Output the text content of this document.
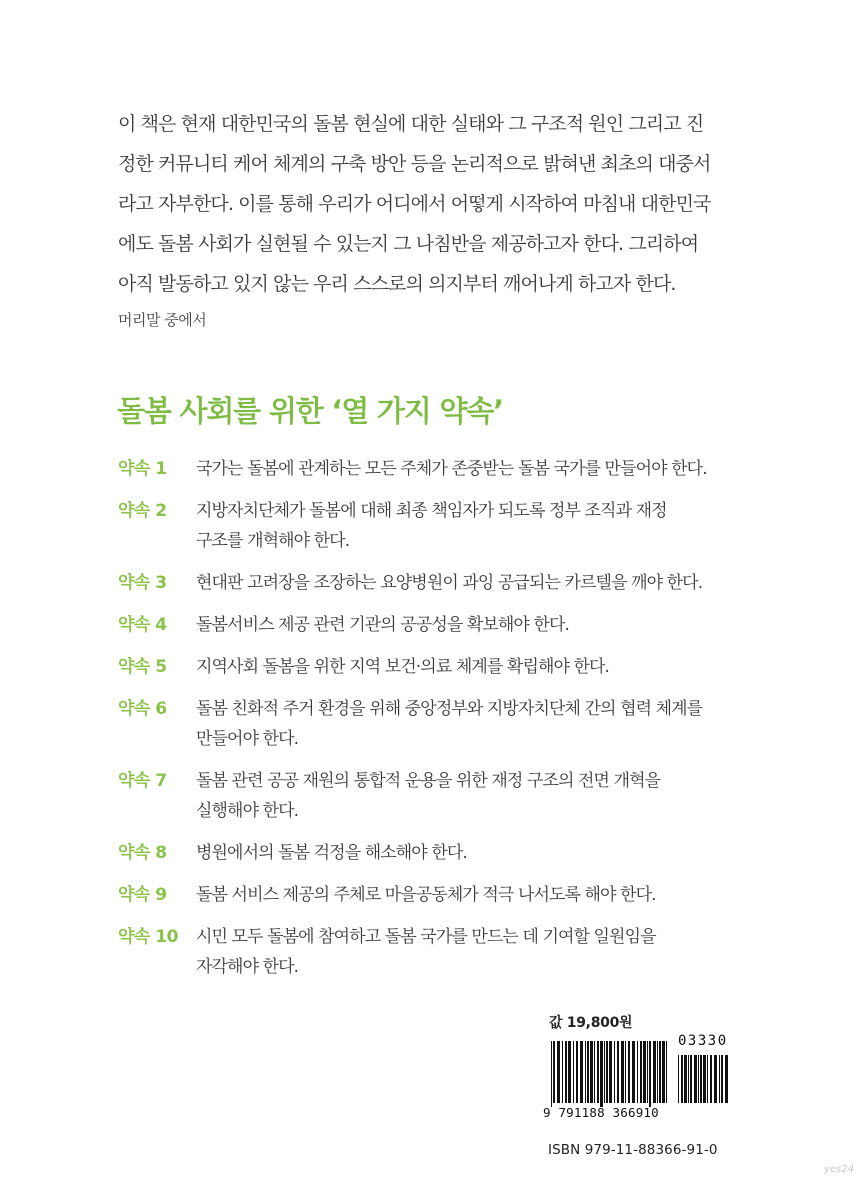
이 책은 현재 대한민국의 돌봄 현실에 대한 실태와 그 구조적 원인 그리고 진
정한 커뮤니티 케어 체계의 구축 방안 등을 논리적으로 밝혀낸 최초의 대중서
라고 자부한다. 이를 통해 우리가 어디에서 어떻게 시작하여 마침내 대한민국
에도 돌봄 사회가 실현될 수 있는지 그 나침반을 제공하고자 한다. 그리하여
아직 발동하고 있지 않는 우리 스스로의 의지부터 깨어나게 하고자 한다.
머리말 중에서
돌봄 사회를 위한 ‘열 가지 약속’
약속 1	국가는 돌봄에 관계하는 모든 주체가 존중받는 돌봄 국가를 만들어야 한다.
약속 2	지방자치단체가 돌봄에 대해 최종 책임자가 되도록 정부 조직과 재정
구조를 개혁해야 한다.
약속 3	현대판 고려장을 조장하는 요양병원이 과잉 공급되는 카르텔을 깨야 한다.
약속 4	돌봄서비스 제공 관련 기관의 공공성을 확보해야 한다.
약속 5	지역사회 돌봄을 위한 지역 보건·의료 체계를 확립해야 한다.
약속 6	돌봄 친화적 주거 환경을 위해 중앙정부와 지방자치단체 간의 협력 체계를
만들어야 한다.
약속 7	돌봄 관련 공공 재원의 통합적 운용을 위한 재정 구조의 전면 개혁을
실행해야 한다.
약속 8	병원에서의 돌봄 걱정을 해소해야 한다.
약속 9	돌봄 서비스 제공의 주체로 마을공동체가 적극 나서도록 해야 한다.
약속 10	시민 모두 돌봄에 참여하고 돌봄 국가를 만드는 데 기여할 일원임을
자각해야 한다.
값 19,800원
03330
9 791188 366910
ISBN 979-11-88366-91-0
yes24
